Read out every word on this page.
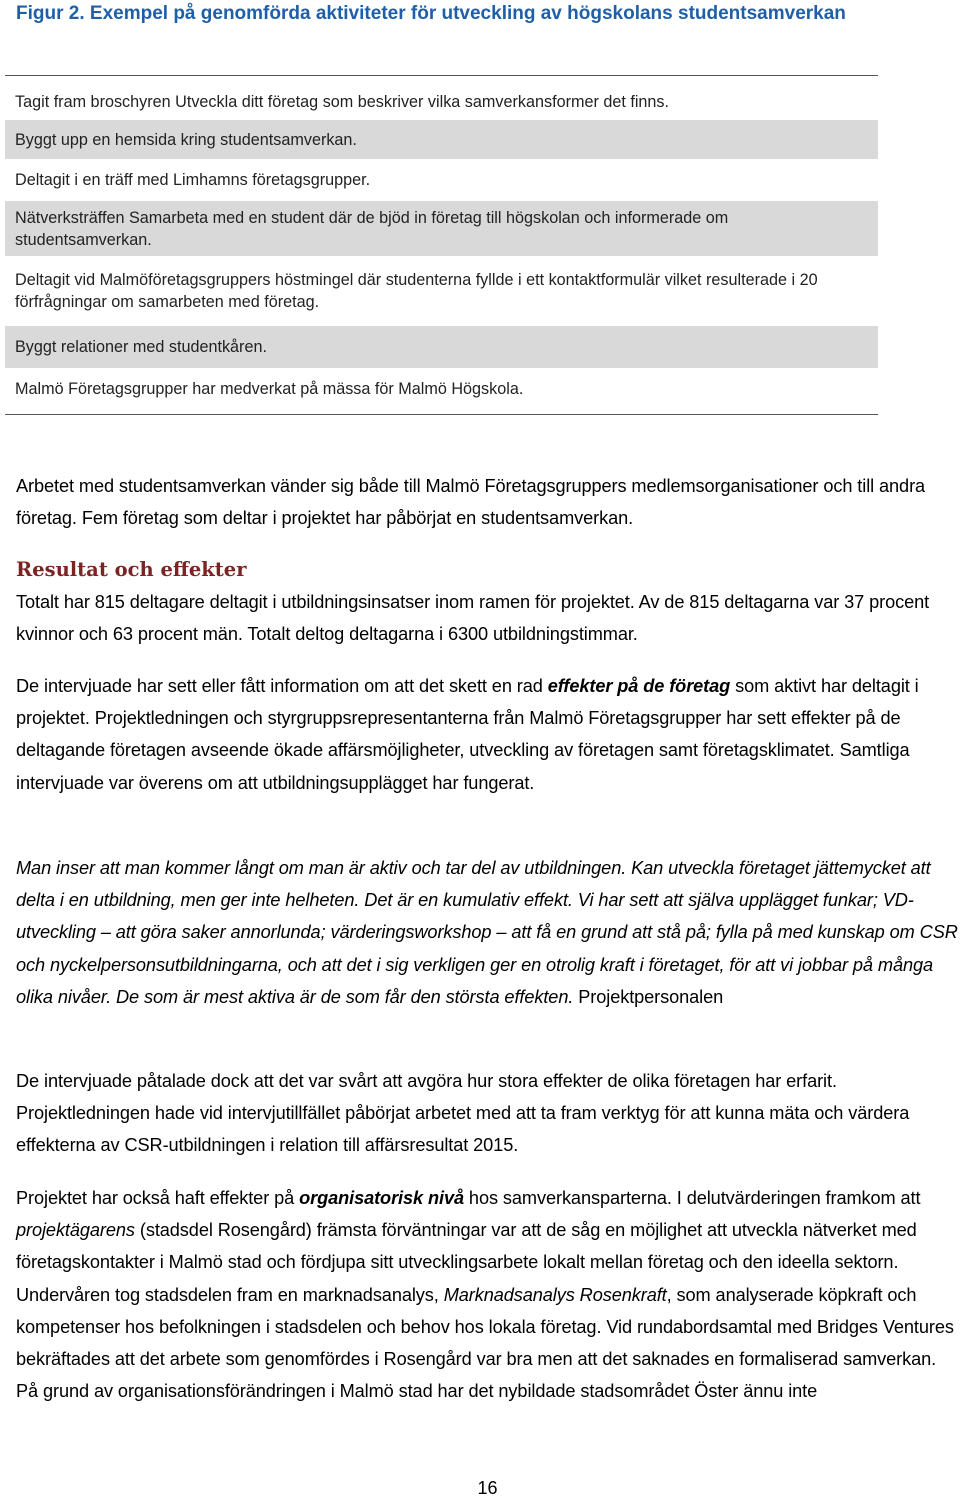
Figur 2. Exempel på genomförda aktiviteter för utveckling av högskolans studentsamverkan
Tagit fram broschyren Utveckla ditt företag som beskriver vilka samverkansformer det finns.
Byggt upp en hemsida kring studentsamverkan.
Deltagit i en träff med Limhamns företagsgrupper.
Nätverksträffen Samarbeta med en student där de bjöd in företag till högskolan och informerade om studentsamverkan.
Deltagit vid Malmöföretagsgruppers höstmingel där studenterna fyllde i ett kontaktformulär vilket resulterade i 20 förfrågningar om samarbeten med företag.
Byggt relationer med studentkåren.
Malmö Företagsgrupper har medverkat på mässa för Malmö Högskola.

Arbetet med studentsamverkan vänder sig både till Malmö Företagsgruppers medlemsorganisationer och till andra företag. Fem företag som deltar i projektet har påbörjat en studentsamverkan.

Resultat och effekter

Totalt har 815 deltagare deltagit i utbildningsinsatser inom ramen för projektet. Av de 815 deltagarna var 37 procent kvinnor och 63 procent män. Totalt deltog deltagarna i 6300 utbildningstimmar.

De intervjuade har sett eller fått information om att det skett en rad effekter på de företag som aktivt har deltagit i projektet. Projektledningen och styrgruppsrepresentanterna från Malmö Företagsgrupper har sett effekter på de deltagande företagen avseende ökade affärsmöjligheter, utveckling av företagen samt företagsklimatet. Samtliga intervjuade var överens om att utbildningsupplägget har fungerat.

Man inser att man kommer långt om man är aktiv och tar del av utbildningen. Kan utveckla företaget jättemycket att delta i en utbildning, men ger inte helheten. Det är en kumulativ effekt. Vi har sett att själva upplägget funkar; VD-utveckling – att göra saker annorlunda; värderingsworkshop – att få en grund att stå på; fylla på med kunskap om CSR och nyckelpersonsutbildningarna, och att det i sig verkligen ger en otrolig kraft i företaget, för att vi jobbar på många olika nivåer. De som är mest aktiva är de som får den största effekten. Projektpersonalen

De intervjuade påtalade dock att det var svårt att avgöra hur stora effekter de olika företagen har erfarit. Projektledningen hade vid intervjutillfället påbörjat arbetet med att ta fram verktyg för att kunna mäta och värdera effekterna av CSR-utbildningen i relation till affärsresultat 2015.

Projektet har också haft effekter på organisatorisk nivå hos samverkansparterna. I delutvärderingen framkom att projektägarens (stadsdel Rosengård) främsta förväntningar var att de såg en möjlighet att utveckla nätverket med företagskontakter i Malmö stad och fördjupa sitt utvecklingsarbete lokalt mellan företag och den ideella sektorn. Undervåren tog stadsdelen fram en marknadsanalys, Marknadsanalys Rosenkraft, som analyserade köpkraft och kompetenser hos befolkningen i stadsdelen och behov hos lokala företag. Vid rundabordsamtal med Bridges Ventures bekräftades att det arbete som genomfördes i Rosengård var bra men att det saknades en formaliserad samverkan. På grund av organisationsförändringen i Malmö stad har det nybildade stadsområdet Öster ännu inte

16
